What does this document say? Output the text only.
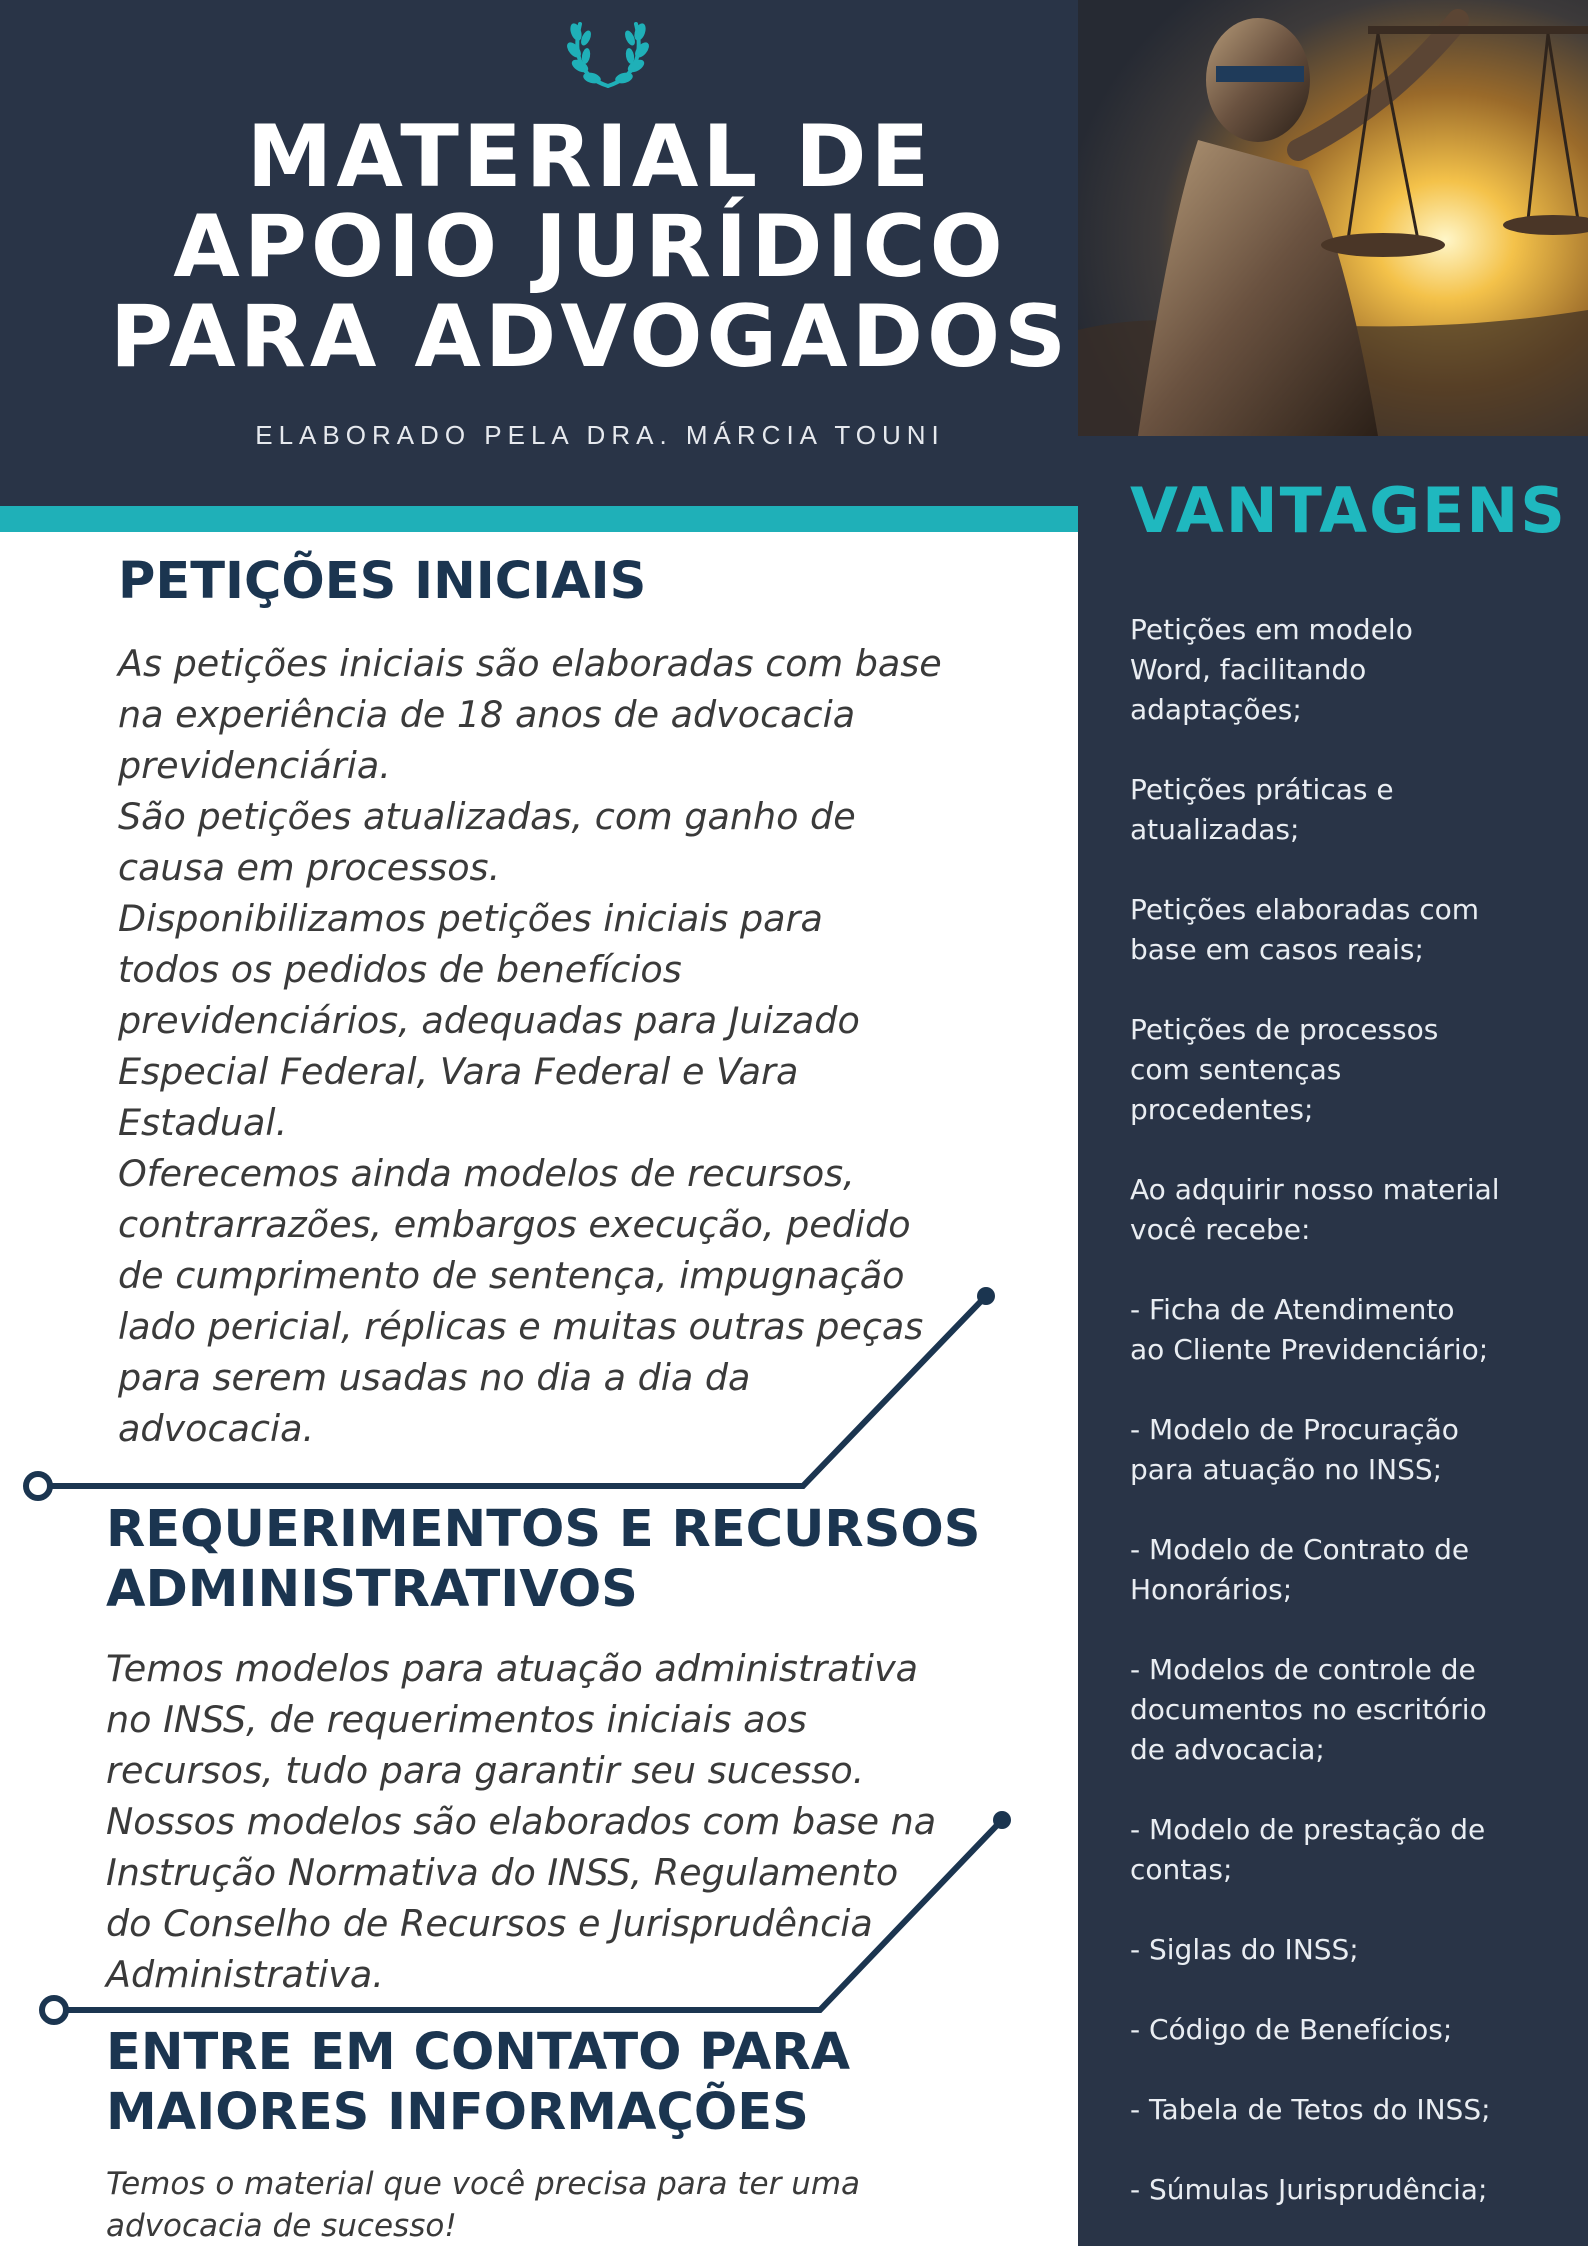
MATERIAL DE APOIO JURÍDICO PARA ADVOGADOS
ELABORADO PELA DRA. MÁRCIA TOUNI
VANTAGENS
Petições em modelo
Word, facilitando
adaptações;
Petições práticas e
atualizadas;
Petições elaboradas com
base em casos reais;
Petições de processos
com sentenças
procedentes;
Ao adquirir nosso material
você recebe:
- Ficha de Atendimento
ao Cliente Previdenciário;
- Modelo de Procuração
para atuação no INSS;
- Modelo de Contrato de
Honorários;
- Modelos de controle de
documentos no escritório
de advocacia;
- Modelo de prestação de
contas;
- Siglas do INSS;
- Código de Benefícios;
- Tabela de Tetos do INSS;
- Súmulas Jurisprudência;
PETIÇÕES INICIAIS

As petições iniciais são elaboradas com base
na experiência de 18 anos de advocacia
previdenciária.
São petições atualizadas, com ganho de
causa em processos.
Disponibilizamos petições iniciais para
todos os pedidos de benefícios
previdenciários, adequadas para Juizado
Especial Federal, Vara Federal e Vara
Estadual.
Oferecemos ainda modelos de recursos,
contrarrazões, embargos execução, pedido
de cumprimento de sentença, impugnação
lado pericial, réplicas e muitas outras peças
para serem usadas no dia a dia da
advocacia.

REQUERIMENTOS E RECURSOS
ADMINISTRATIVOS

Temos modelos para atuação administrativa
no INSS, de requerimentos iniciais aos
recursos, tudo para garantir seu sucesso.
Nossos modelos são elaborados com base na
Instrução Normativa do INSS, Regulamento
do Conselho de Recursos e Jurisprudência
Administrativa.

ENTRE EM CONTATO PARA
MAIORES INFORMAÇÕES

Temos o material que você precisa para ter uma
advocacia de sucesso!
